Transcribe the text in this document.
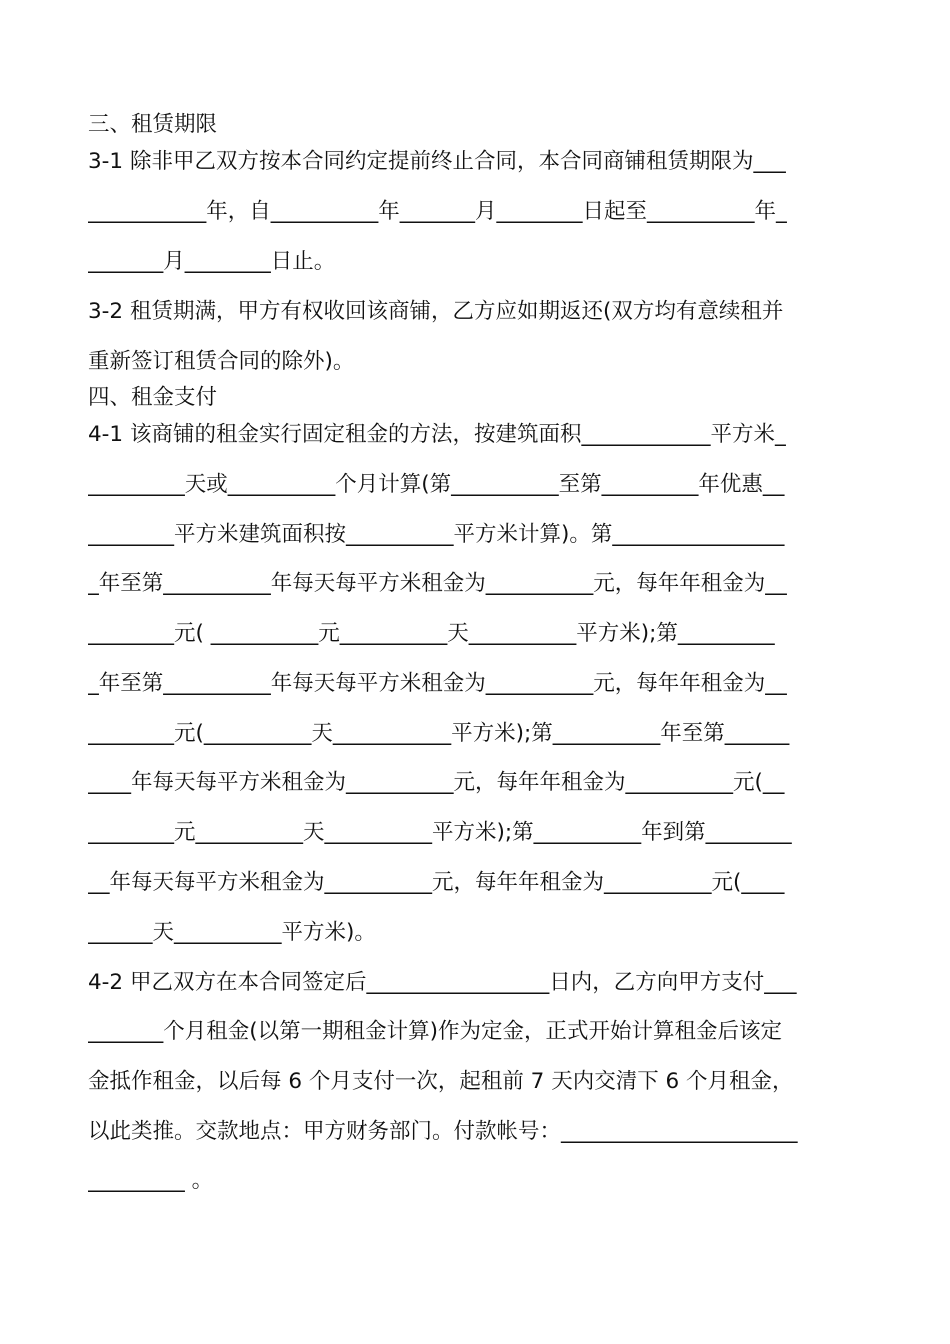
三、租赁期限
3-1 除非甲乙双方按本合同约定提前终止合同，本合同商铺租赁期限为___
___________年，自__________年_______月________日起至__________年_
_______月________日止。
3-2 租赁期满，甲方有权收回该商铺，乙方应如期返还(双方均有意续租并
重新签订租赁合同的除外)。
四、租金支付
4-1 该商铺的租金实行固定租金的方法，按建筑面积____________平方米_
_________天或__________个月计算(第__________至第_________年优惠__
________平方米建筑面积按__________平方米计算)。第________________
_年至第__________年每天每平方米租金为__________元，每年年租金为__
________元( __________元__________天__________平方米);第_________
_年至第__________年每天每平方米租金为__________元，每年年租金为__
________元(__________天___________平方米);第__________年至第______
____年每天每平方米租金为__________元，每年年租金为__________元(__
________元__________天__________平方米);第__________年到第________
__年每天每平方米租金为__________元，每年年租金为__________元(____
______天__________平方米)。
4-2 甲乙双方在本合同签定后_________________日内，乙方向甲方支付___
_______个月租金(以第一期租金计算)作为定金，正式开始计算租金后该定
金抵作租金，以后每 6 个月支付一次，起租前 7 天内交清下 6 个月租金，
以此类推。交款地点：甲方财务部门。付款帐号：______________________
_________ 。
